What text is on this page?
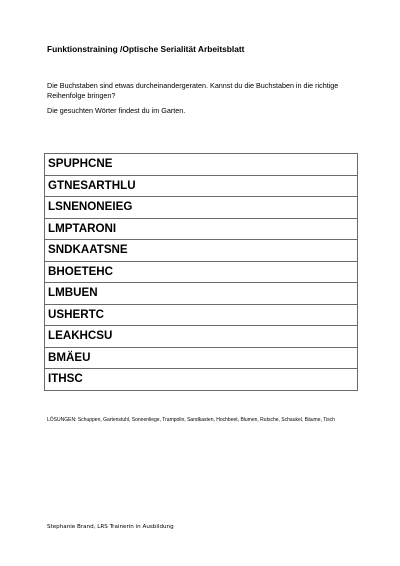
Funktionstraining /Optische Serialität Arbeitsblatt

Die Buchstaben sind etwas durcheinandergeraten. Kannst du die Buchstaben in die richtige Reihenfolge bringen?

Die gesuchten Wörter findest du im Garten.

SPUPHCNE
GTNESARTHLU
LSNENONEIEG
LMPTARONI
SNDKAATSNE
BHOETEHC
LMBUEN
USHERTC
LEAKHCSU
BMÄEU
ITHSC
LÖSUNGEN: Schuppen, Gartenstuhl, Sonnenliege, Trampolin, Sandkasten, Hochbeet, Blumen, Rutsche, Schaukel, Bäume, Tisch
Stephanie Brand, LRS Trainerin in Ausbildung
